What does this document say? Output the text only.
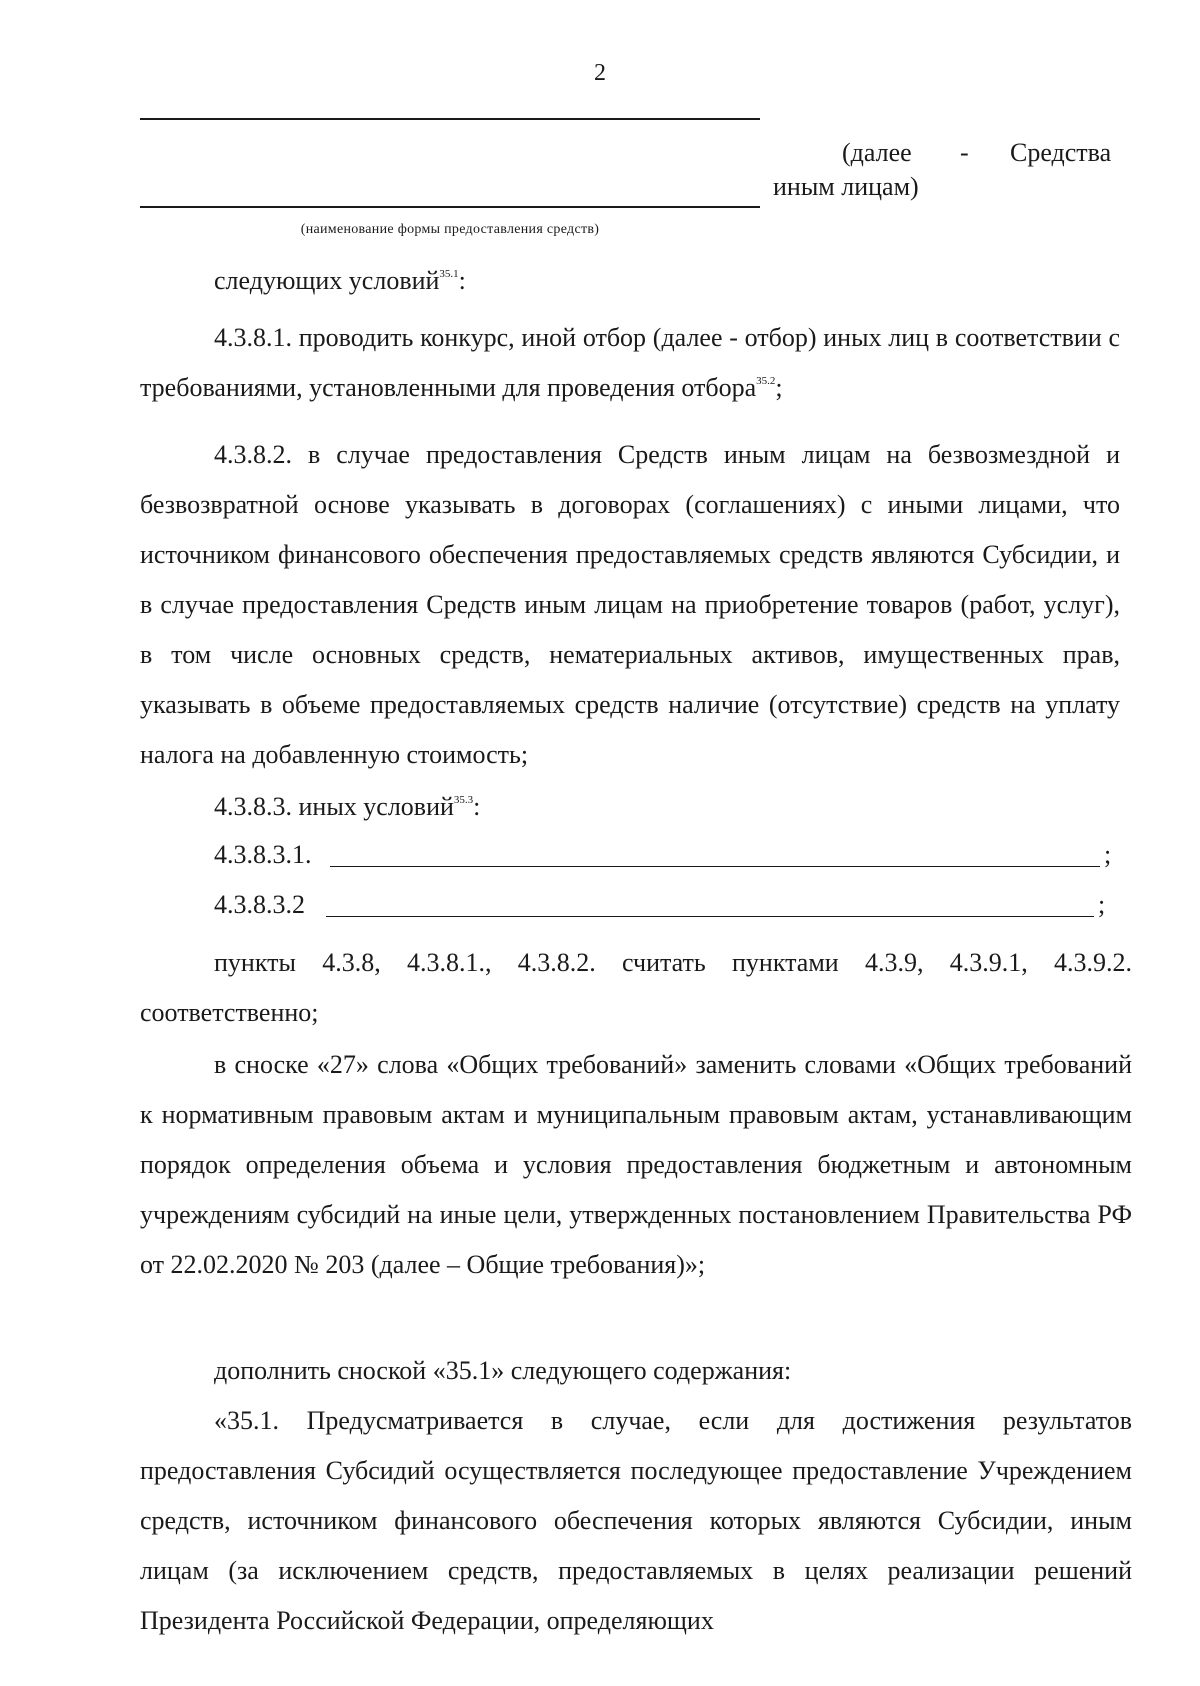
2
(далее - Средства
иным лицам)
(наименование формы предоставления средств)

следующих условий$^{35.1}$:

4.3.8.1. проводить конкурс, иной отбор (далее - отбор) иных лиц в соответствии с требованиями, установленными для проведения отбора$^{35.2}$;

4.3.8.2. в случае предоставления Средств иным лицам на безвозмездной и безвозвратной основе указывать в договорах (соглашениях) с иными лицами, что источником финансового обеспечения предоставляемых средств являются Субсидии, и в случае предоставления Средств иным лицам на приобретение товаров (работ, услуг), в том числе основных средств, нематериальных активов, имущественных прав, указывать в объеме предоставляемых средств наличие (отсутствие) средств на уплату налога на добавленную стоимость;

4.3.8.3. иных условий$^{35.3}$:

4.3.8.3.1.	;
4.3.8.3.2	;

пункты 4.3.8, 4.3.8.1., 4.3.8.2. считать пунктами 4.3.9, 4.3.9.1, 4.3.9.2. соответственно;

в сноске «27» слова «Общих требований» заменить словами «Общих требований к нормативным правовым актам и муниципальным правовым актам, устанавливающим порядок определения объема и условия предоставления бюджетным и автономным учреждениям субсидий на иные цели, утвержденных постановлением Правительства РФ от 22.02.2020 № 203 (далее – Общие требования)»;

дополнить сноской «35.1» следующего содержания:

«35.1. Предусматривается в случае, если для достижения результатов предоставления Субсидий осуществляется последующее предоставление Учреждением средств, источником финансового обеспечения которых являются Субсидии, иным лицам (за исключением средств, предоставляемых в целях реализации решений Президента Российской Федерации, определяющих
